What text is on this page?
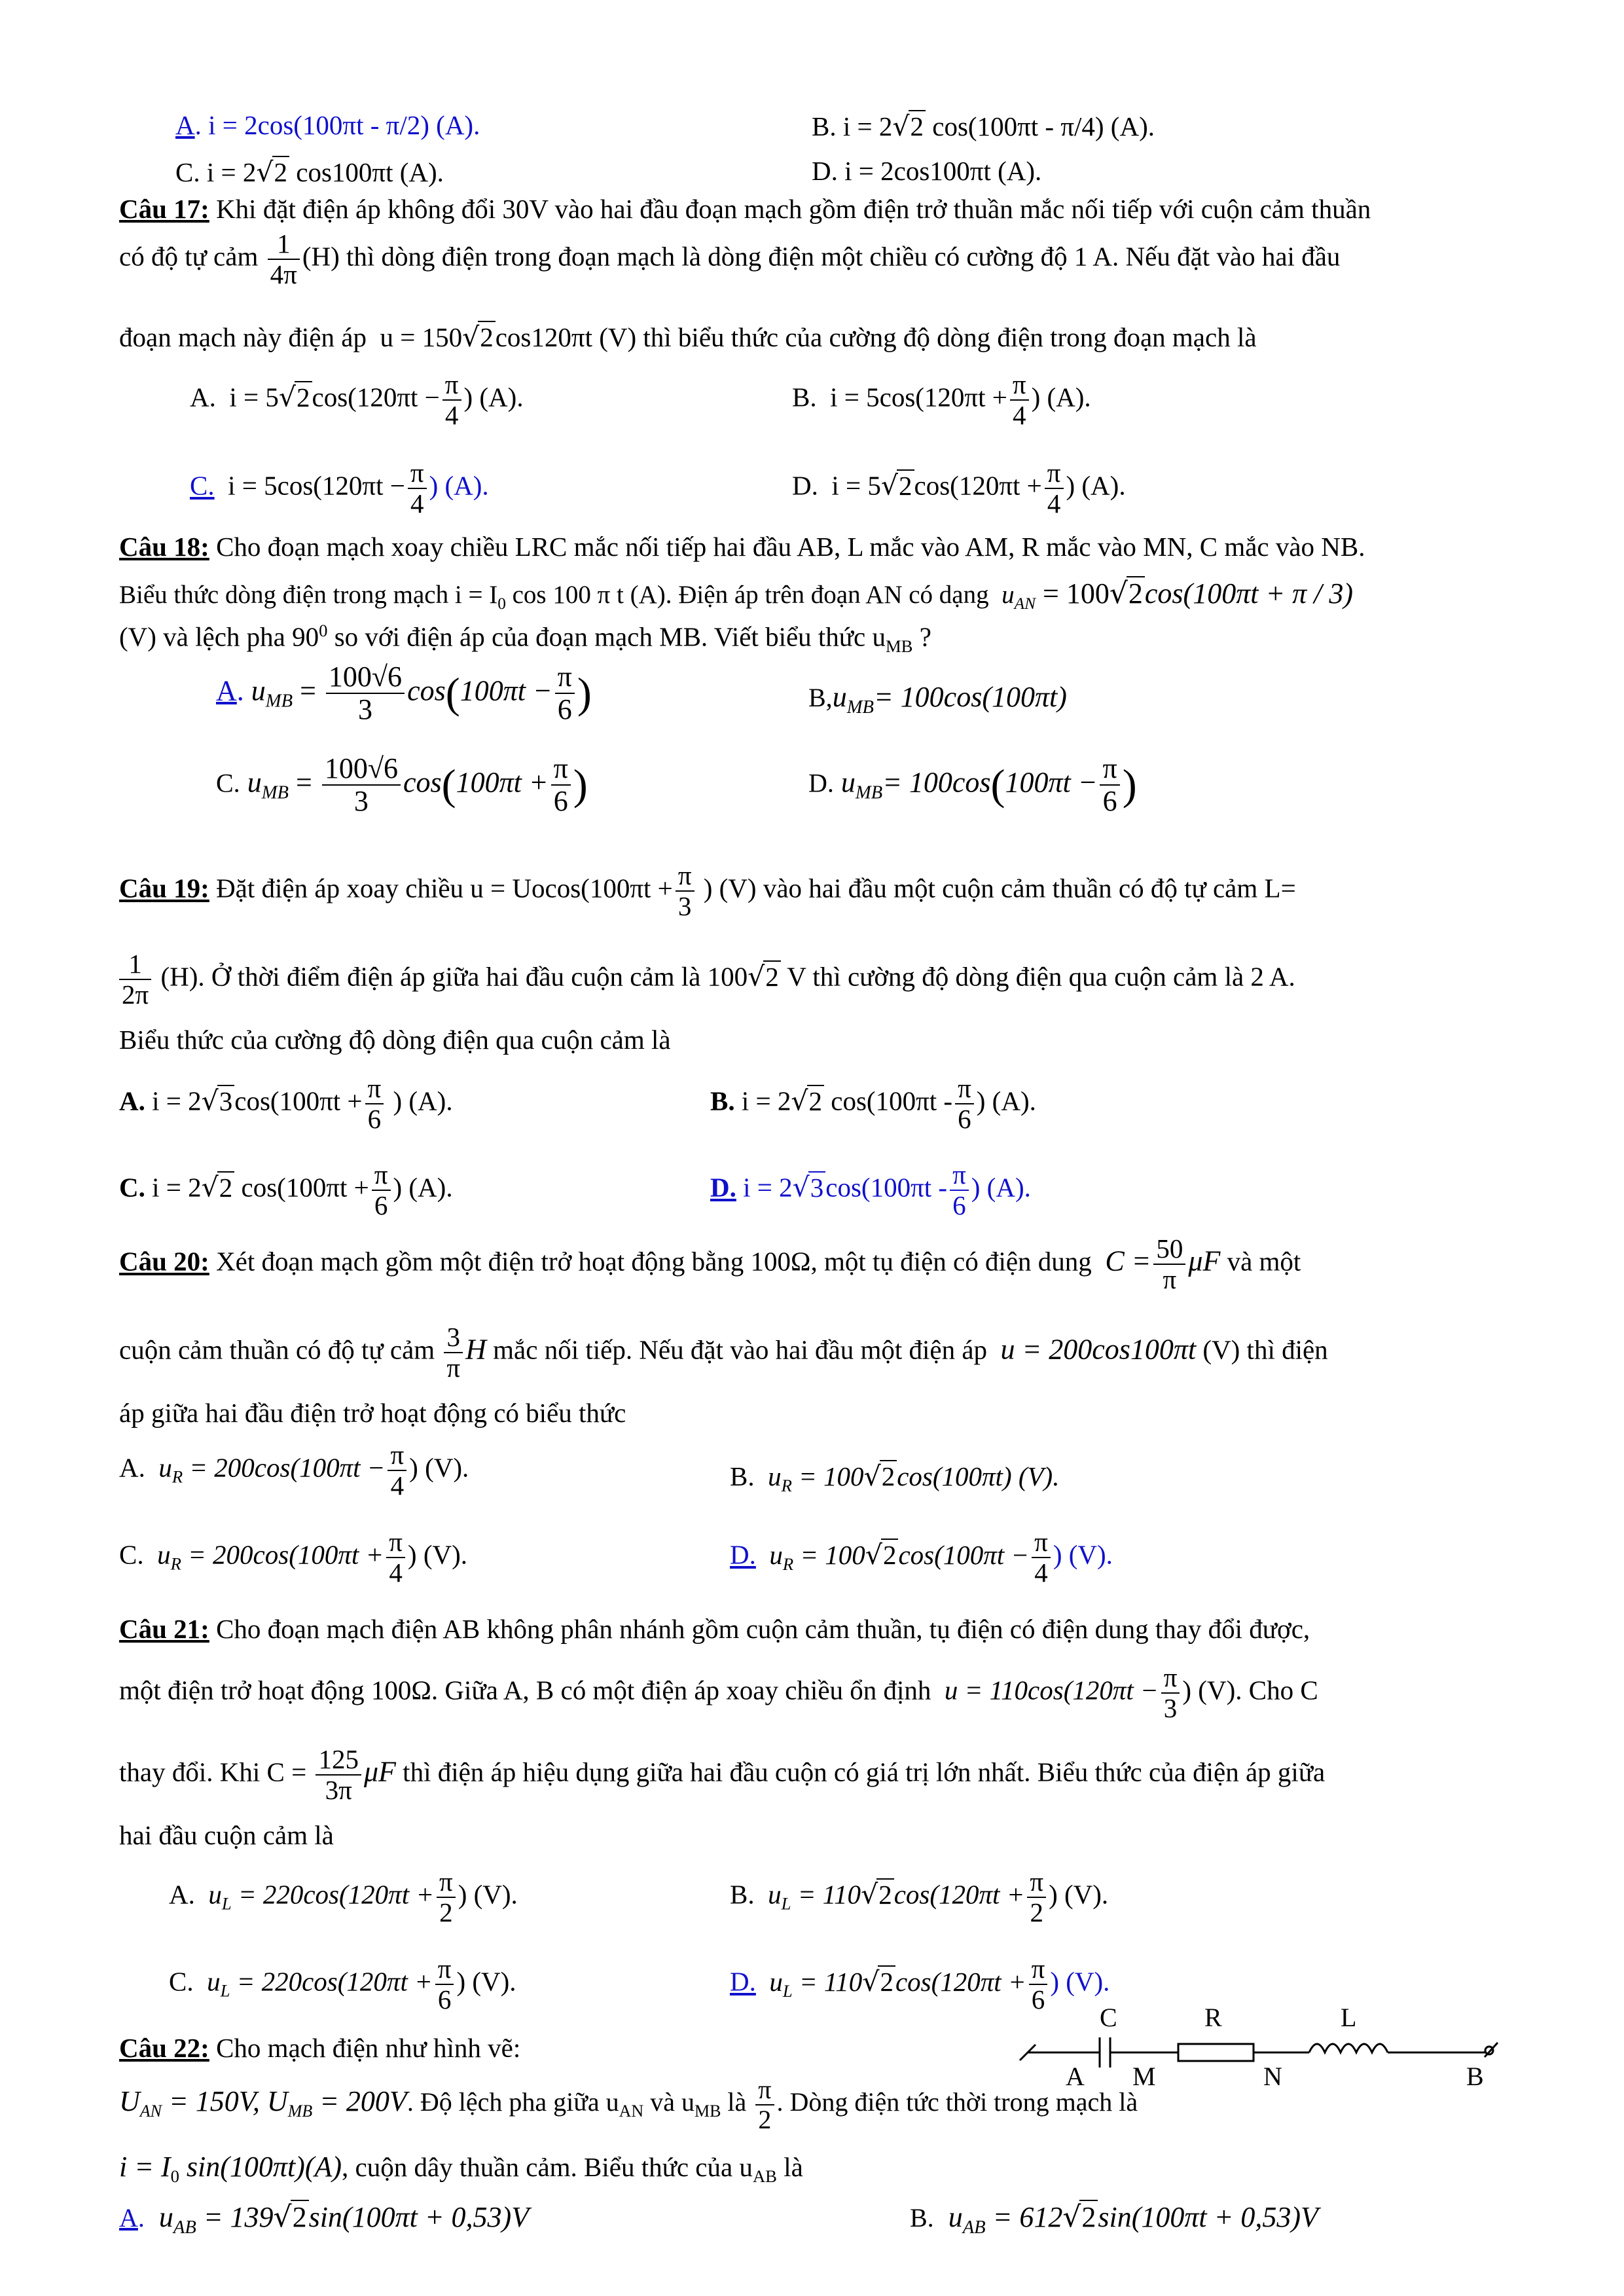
A. i = 2cos(100πt - π/2) (A).	B. i = 2√2 cos(100πt - π/4) (A).
C. i = 2√2 cos100πt (A).	D. i = 2cos100πt (A).
Câu 17: Khi đặt điện áp không đổi 30V vào hai đầu đoạn mạch gồm điện trở thuần mắc nối tiếp với cuộn cảm thuần
có độ tự cảm $\frac{1}{4\pi} (H)$ thì dòng điện trong đoạn mạch là dòng điện một chiều có cường độ 1 A. Nếu đặt vào hai đầu
đoạn mạch này điện áp u = 150√2cos120πt (V) thì biểu thức của cường độ dòng điện trong đoạn mạch là
A. $i = 5√2\cos(120\pi t - \frac{\pi}{4}$ ) (A).	B. $i = 5\cos(120\pi t + \frac{\pi}{4}$ ) (A).
C. $i = 5\cos(120\pi t - \frac{\pi}{4}$ ) (A).	D. $i = 5√2\cos(120\pi t + \frac{\pi}{4}$ ) (A).
Câu 18: Cho đoạn mạch xoay chiều LRC mắc nối tiếp hai đầu AB, L mắc vào AM, R mắc vào MN, C mắc vào NB.
Biểu thức dòng điện trong mạch $i = I_0$ cos 100 π t (A). Điện áp trên đoạn AN có dạng $u_{AN} = 100√2\cos(100\pi t + \pi / 3)$
(V) và lệch pha $90^0$ so với điện áp của đoạn mạch MB. Viết biểu thức $u_{MB}$ ?
A. $u_{MB} = \frac{100√6}{3} \cos(100\pi t - \frac{\pi}{6}$ )	$B,u_{MB}= 100\cos(100\pi t)$
C. $u_{MB} = \frac{100√6}{3} \cos(100\pi t + \frac{\pi}{6}$ )	D. $u_{MB}= 100\cos(100\pi t - \frac{\pi}{6}$ )
Câu 19: Đặt điện áp xoay chiều $u = Uocos(100\pi t + \frac{\pi}{3}$ ) (V) vào hai đầu một cuộn cảm thuần có độ tự cảm L=
$\frac{1}{2\pi} (H)$. Ở thời điểm điện áp giữa hai đầu cuộn cảm là 100√2 V thì cường độ dòng điện qua cuộn cảm là 2 A.
Biểu thức của cường độ dòng điện qua cuộn cảm là
A. $i = 2√3\cos(100\pi t + \frac{\pi}{6}$ ) (A).	B. i = 2√2 $\cos(100\pi t - \frac{\pi}{6}$ ) (A).
C. i = 2√2 $\cos(100\pi t + \frac{\pi}{6}$ ) (A).	D. $i = 2√3\cos(100\pi t - \frac{\pi}{6}$ ) (A).
Câu 20: Xét đoạn mạch gồm một điện trở hoạt động bằng 100Ω, một tụ điện có điện dung $C = \frac{50}{\pi}$ μF và một
cuộn cảm thuần có độ tự cảm $\frac{3}{\pi}$ H mắc nối tiếp. Nếu đặt vào hai đầu một điện áp u = 200cos100πt (V) thì điện
áp giữa hai đầu điện trở hoạt động có biểu thức
A. $u_R = 200\cos(100\pi t - \frac{\pi}{4}$ ) (V).	B. $u_R = 100√2\cos(100\pi t)$ (V).
C. $u_R = 200\cos(100\pi t + \frac{\pi}{4}$ ) (V).	D. $u_R = 100√2\cos(100\pi t - \frac{\pi}{4}$ ) (V).
Câu 21: Cho đoạn mạch điện AB không phân nhánh gồm cuộn cảm thuần, tụ điện có điện dung thay đổi được,
một điện trở hoạt động 100Ω. Giữa A, B có một điện áp xoay chiều ổn định $u = 110\cos(120\pi t - \frac{\pi}{3}$ ) (V). Cho C
thay đổi. Khi $C = \frac{125}{3\pi}$ μF thì điện áp hiệu dụng giữa hai đầu cuộn có giá trị lớn nhất. Biểu thức của điện áp giữa
hai đầu cuộn cảm là
A. $u_L = 220\cos(120\pi t + \frac{\pi}{2}$ ) (V).	B. $u_L = 110√2\cos(120\pi t + \frac{\pi}{2}$ ) (V).
C. $u_L = 220\cos(120\pi t + \frac{\pi}{6}$ ) (V).	D. $u_L = 110√2\cos(120\pi t + \frac{\pi}{6}$ ) (V).
Câu 22: Cho mạch điện như hình vẽ:
$U_{AN} = 150V$, $U_{MB} = 200V$. Độ lệch pha giữa $u_{AN}$ và $u_{MB}$ là $\frac{\pi}{2}$ . Dòng điện tức thời trong mạch là
$i = I_0$ sin(100πt)(A), cuộn dây thuần cảm. Biểu thức của $u_{AB}$ là
A. $u_{AB} = 139√2\sin(100\pi t + 0,53)V$	B. $u_{AB} = 612√2\sin(100\pi t + 0,53)V$
C	R	L
A M	N	B
